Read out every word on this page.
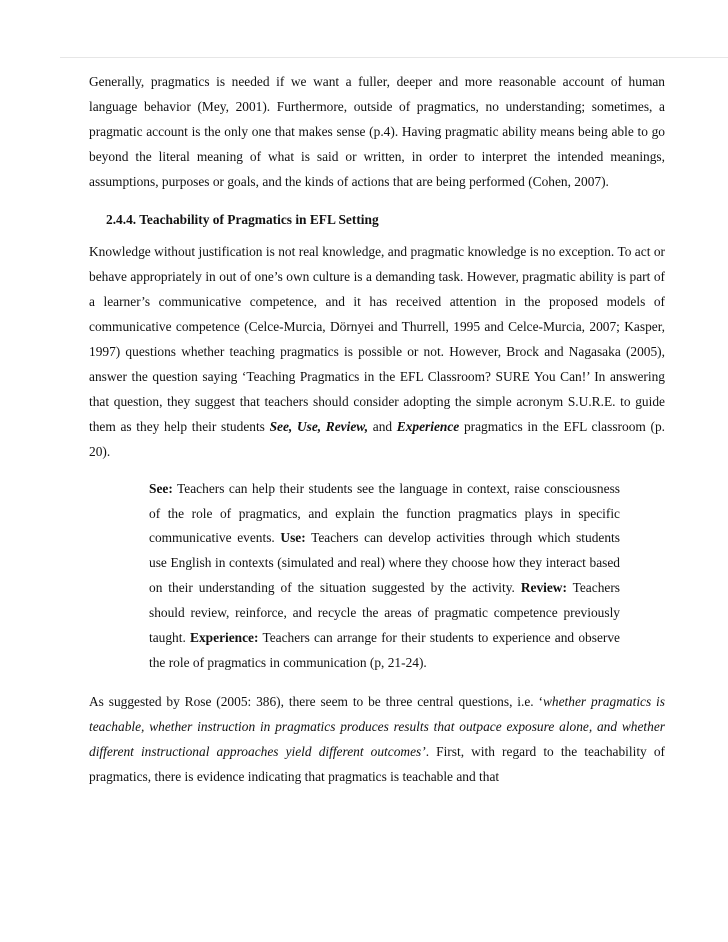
Generally, pragmatics is needed if we want a fuller, deeper and more reasonable account of human language behavior (Mey, 2001). Furthermore, outside of pragmatics, no understanding; sometimes, a pragmatic account is the only one that makes sense (p.4). Having pragmatic ability means being able to go beyond the literal meaning of what is said or written, in order to interpret the intended meanings, assumptions, purposes or goals, and the kinds of actions that are being performed (Cohen, 2007).

2.4.4. Teachability of Pragmatics in EFL Setting

Knowledge without justification is not real knowledge, and pragmatic knowledge is no exception. To act or behave appropriately in out of one’s own culture is a demanding task. However, pragmatic ability is part of a learner’s communicative competence, and it has received attention in the proposed models of communicative competence (Celce-Murcia, Dörnyei and Thurrell, 1995 and Celce-Murcia, 2007; Kasper, 1997) questions whether teaching pragmatics is possible or not. However, Brock and Nagasaka (2005), answer the question saying ‘Teaching Pragmatics in the EFL Classroom? SURE You Can!’ In answering that question, they suggest that teachers should consider adopting the simple acronym S.U.R.E. to guide them as they help their students See, Use, Review, and Experience pragmatics in the EFL classroom (p. 20).

See: Teachers can help their students see the language in context, raise consciousness of the role of pragmatics, and explain the function pragmatics plays in specific communicative events. Use: Teachers can develop activities through which students use English in contexts (simulated and real) where they choose how they interact based on their understanding of the situation suggested by the activity. Review: Teachers should review, reinforce, and recycle the areas of pragmatic competence previously taught. Experience: Teachers can arrange for their students to experience and observe the role of pragmatics in communication (p, 21-24).

As suggested by Rose (2005: 386), there seem to be three central questions, i.e. ‘whether pragmatics is teachable, whether instruction in pragmatics produces results that outpace exposure alone, and whether different instructional approaches yield different outcomes’. First, with regard to the teachability of pragmatics, there is evidence indicating that pragmatics is teachable and that
